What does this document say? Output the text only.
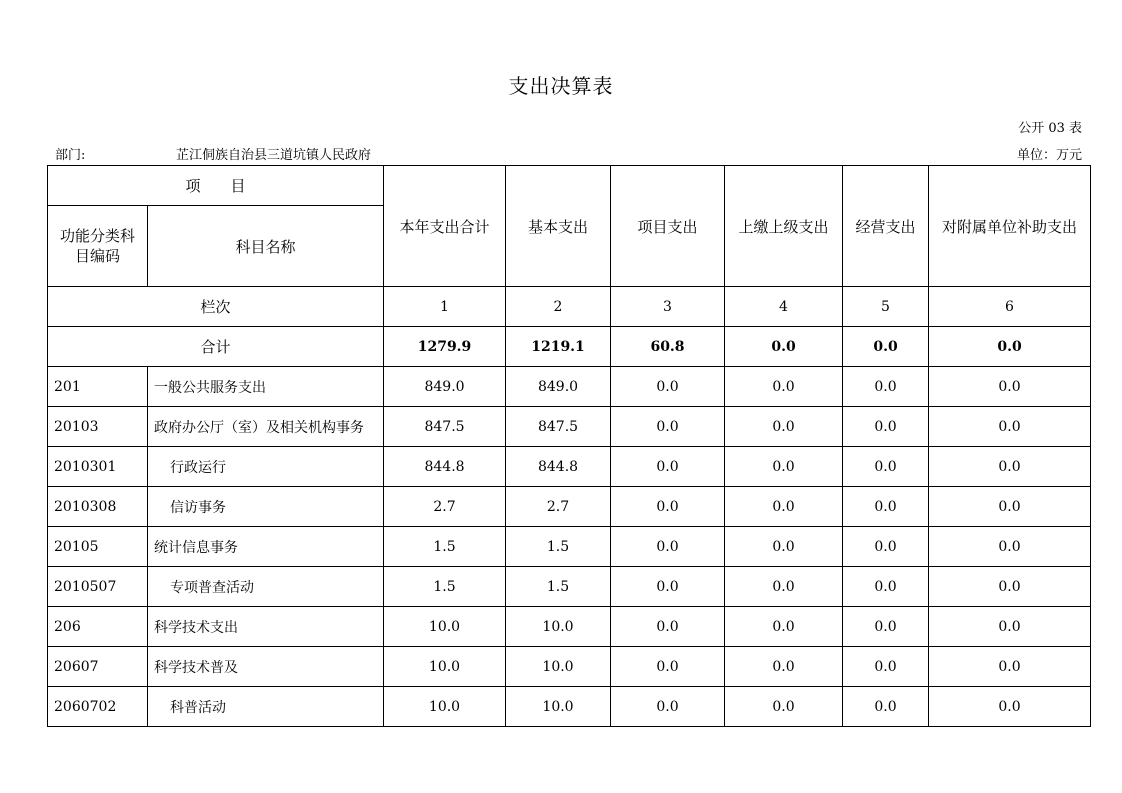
支出决算表
公开 03 表
部门:	芷江侗族自治县三道坑镇人民政府	单位：万元
项　　目		本年支出合计	基本支出	项目支出	上缴上级支出	经营支出	对附属单位补助支出
功能分类科目编码	科目名称						
栏次		1	2	3	4	5	6
合计		1279.9	1219.1	60.8	0.0	0.0	0.0
201	一般公共服务支出	849.0	849.0	0.0	0.0	0.0	0.0
20103	政府办公厅（室）及相关机构事务	847.5	847.5	0.0	0.0	0.0	0.0
2010301	行政运行	844.8	844.8	0.0	0.0	0.0	0.0
2010308	信访事务	2.7	2.7	0.0	0.0	0.0	0.0
20105	统计信息事务	1.5	1.5	0.0	0.0	0.0	0.0
2010507	专项普查活动	1.5	1.5	0.0	0.0	0.0	0.0
206	科学技术支出	10.0	10.0	0.0	0.0	0.0	0.0
20607	科学技术普及	10.0	10.0	0.0	0.0	0.0	0.0
2060702	科普活动	10.0	10.0	0.0	0.0	0.0	0.0
